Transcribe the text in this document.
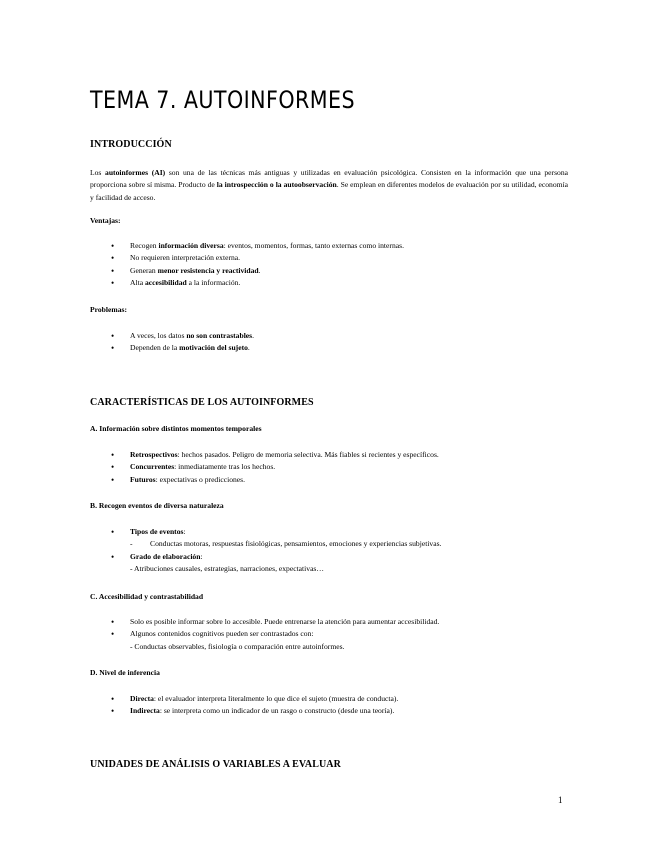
TEMA 7. AUTOINFORMES
INTRODUCCIÓN

Los autoinformes (AI) son una de las técnicas más antiguas y utilizadas en evaluación psicológica. Consisten en la información que una persona proporciona sobre sí misma. Producto de la introspección o la autoobservación. Se emplean en diferentes modelos de evaluación por su utilidad, economía y facilidad de acceso.

Ventajas:
• Recogen información diversa: eventos, momentos, formas, tanto externas como internas.
• No requieren interpretación externa.
• Generan menor resistencia y reactividad.
• Alta accesibilidad a la información.
Problemas:
• A veces, los datos no son contrastables.
• Dependen de la motivación del sujeto.
CARACTERÍSTICAS DE LOS AUTOINFORMES
A. Información sobre distintos momentos temporales
• Retrospectivos: hechos pasados. Peligro de memoria selectiva. Más fiables si recientes y específicos.
• Concurrentes: inmediatamente tras los hechos.
• Futuros: expectativas o predicciones.
B. Recogen eventos de diversa naturaleza
• Tipos de eventos:
- Conductas motoras, respuestas fisiológicas, pensamientos, emociones y experiencias subjetivas.
• Grado de elaboración:
- Atribuciones causales, estrategias, narraciones, expectativas…
C. Accesibilidad y contrastabilidad
• Solo es posible informar sobre lo accesible. Puede entrenarse la atención para aumentar accesibilidad.
• Algunos contenidos cognitivos pueden ser contrastados con:
- Conductas observables, fisiología o comparación entre autoinformes.
D. Nivel de inferencia
• Directa: el evaluador interpreta literalmente lo que dice el sujeto (muestra de conducta).
• Indirecta: se interpreta como un indicador de un rasgo o constructo (desde una teoría).
UNIDADES DE ANÁLISIS O VARIABLES A EVALUAR

1
